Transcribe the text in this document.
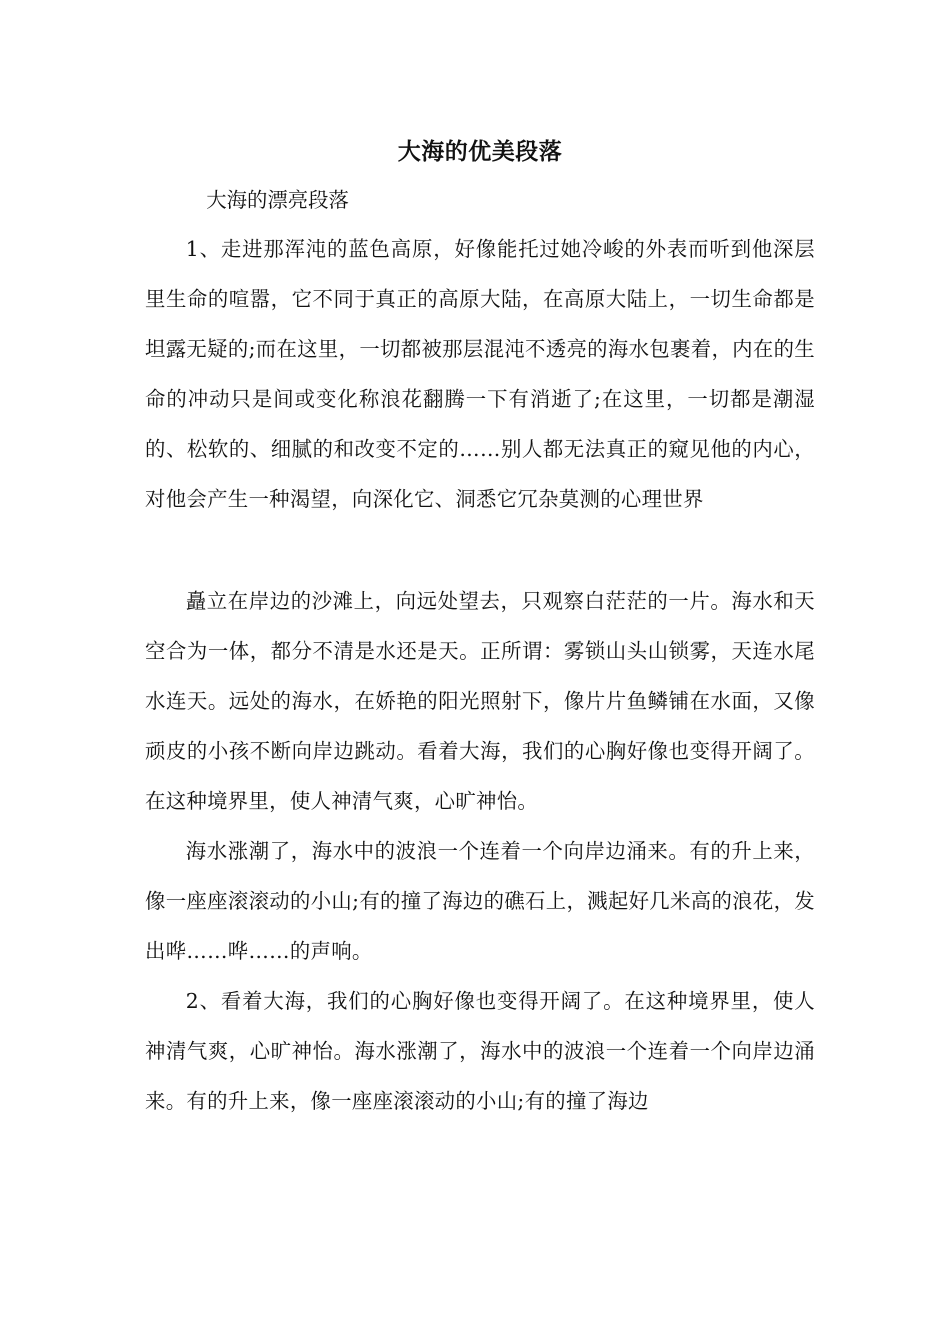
大海的优美段落

大海的漂亮段落

1、走进那浑沌的蓝色高原，好像能托过她冷峻的外表而听到他深层里生命的喧嚣，它不同于真正的高原大陆，在高原大陆上，一切生命都是坦露无疑的;而在这里，一切都被那层混沌不透亮的海水包裹着，内在的生命的冲动只是间或变化称浪花翻腾一下有消逝了;在这里，一切都是潮湿的、松软的、细腻的和改变不定的……别人都无法真正的窥见他的内心，对他会产生一种渴望，向深化它、洞悉它冗杂莫测的心理世界

矗立在岸边的沙滩上，向远处望去，只观察白茫茫的一片。海水和天空合为一体，都分不清是水还是天。正所谓：雾锁山头山锁雾，天连水尾水连天。远处的海水，在娇艳的阳光照射下，像片片鱼鳞铺在水面，又像顽皮的小孩不断向岸边跳动。看着大海，我们的心胸好像也变得开阔了。在这种境界里，使人神清气爽，心旷神怡。

海水涨潮了，海水中的波浪一个连着一个向岸边涌来。有的升上来，像一座座滚滚动的小山;有的撞了海边的礁石上，溅起好几米高的浪花，发出哗……哗……的声响。

2、看着大海，我们的心胸好像也变得开阔了。在这种境界里，使人神清气爽，心旷神怡。海水涨潮了，海水中的波浪一个连着一个向岸边涌来。有的升上来，像一座座滚滚动的小山;有的撞了海边
